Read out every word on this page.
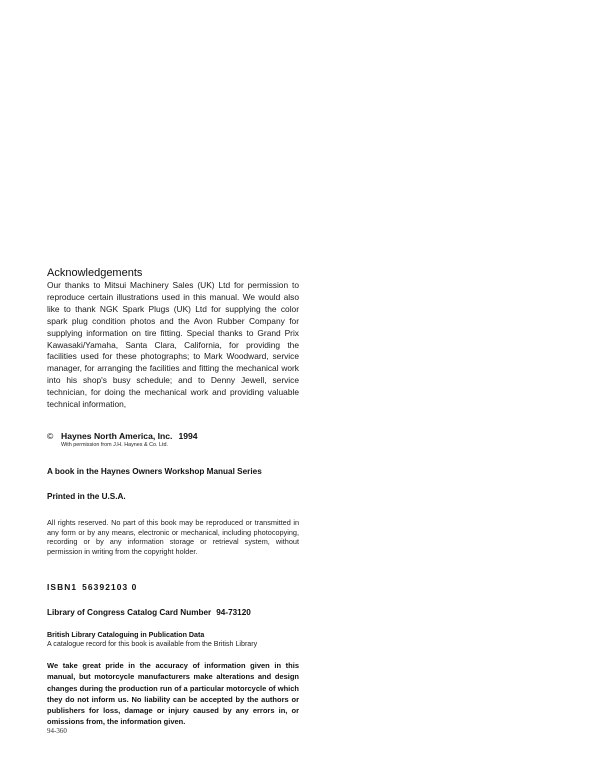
Acknowledgements
Our thanks to Mitsui Machinery Sales (UK) Ltd for permission to reproduce certain illustrations used in this manual. We would also like to thank NGK Spark Plugs (UK) Ltd for supplying the color spark plug condition photos and the Avon Rubber Company for supplying information on tire fitting. Special thanks to Grand Prix Kawasaki/Yamaha, Santa Clara, California, for providing the facilities used for these photographs; to Mark Woodward, service manager, for arranging the facilities and fitting the mechanical work into his shop's busy schedule; and to Denny Jewell, service technician, for doing the mechanical work and providing valuable technical information,
© Haynes North America, Inc. 1994
With permission from J.H. Haynes & Co. Ltd.
A book in the Haynes Owners Workshop Manual Series
Printed in the U.S.A.
All rights reserved. No part of this book may be reproduced or transmitted in any form or by any means, electronic or mechanical, including photocopying, recording or by any information storage or retrieval system, without permission in writing from the copyright holder.
ISBN1 56392103 0
Library of Congress Catalog Card Number 94-73120
British Library Cataloguing in Publication Data
A catalogue record for this book is available from the British Library
We take great pride in the accuracy of information given in this manual, but motorcycle manufacturers make alterations and design changes during the production run of a particular motorcycle of which they do not inform us. No liability can be accepted by the authors or publishers for loss, damage or injury caused by any errors in, or omissions from, the information given.
94-360
